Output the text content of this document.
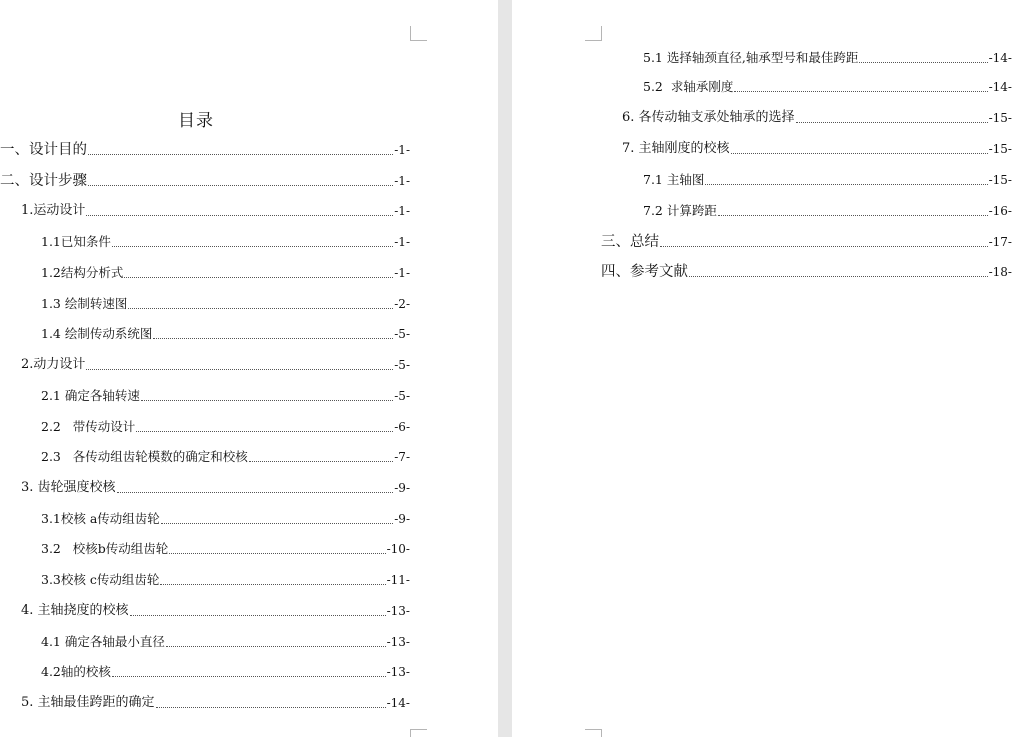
目录
一、设计目的	-1-
二、设计步骤	-1-
1.运动设计	-1-
1.1已知条件	-1-
1.2结构分析式	-1-
1.3 绘制转速图	-2-
1.4 绘制传动系统图	-5-
2.动力设计	-5-
2.1 确定各轴转速	-5-
2.2   带传动设计	-6-
2.3   各传动组齿轮模数的确定和校核	-7-
3. 齿轮强度校核	-9-
3.1校核 a传动组齿轮	-9-
3.2   校核b传动组齿轮	-10-
3.3校核 c传动组齿轮	-11-
4. 主轴挠度的校核	-13-
4.1 确定各轴最小直径	-13-
4.2轴的校核	-13-
5. 主轴最佳跨距的确定	-14-
5.1 选择轴颈直径,轴承型号和最佳跨距	-14-
5.2  求轴承刚度	-14-
6. 各传动轴支承处轴承的选择	-15-
7. 主轴刚度的校核	-15-
7.1 主轴图	-15-
7.2 计算跨距	-16-
三、总结	-17-
四、参考文献	-18-
